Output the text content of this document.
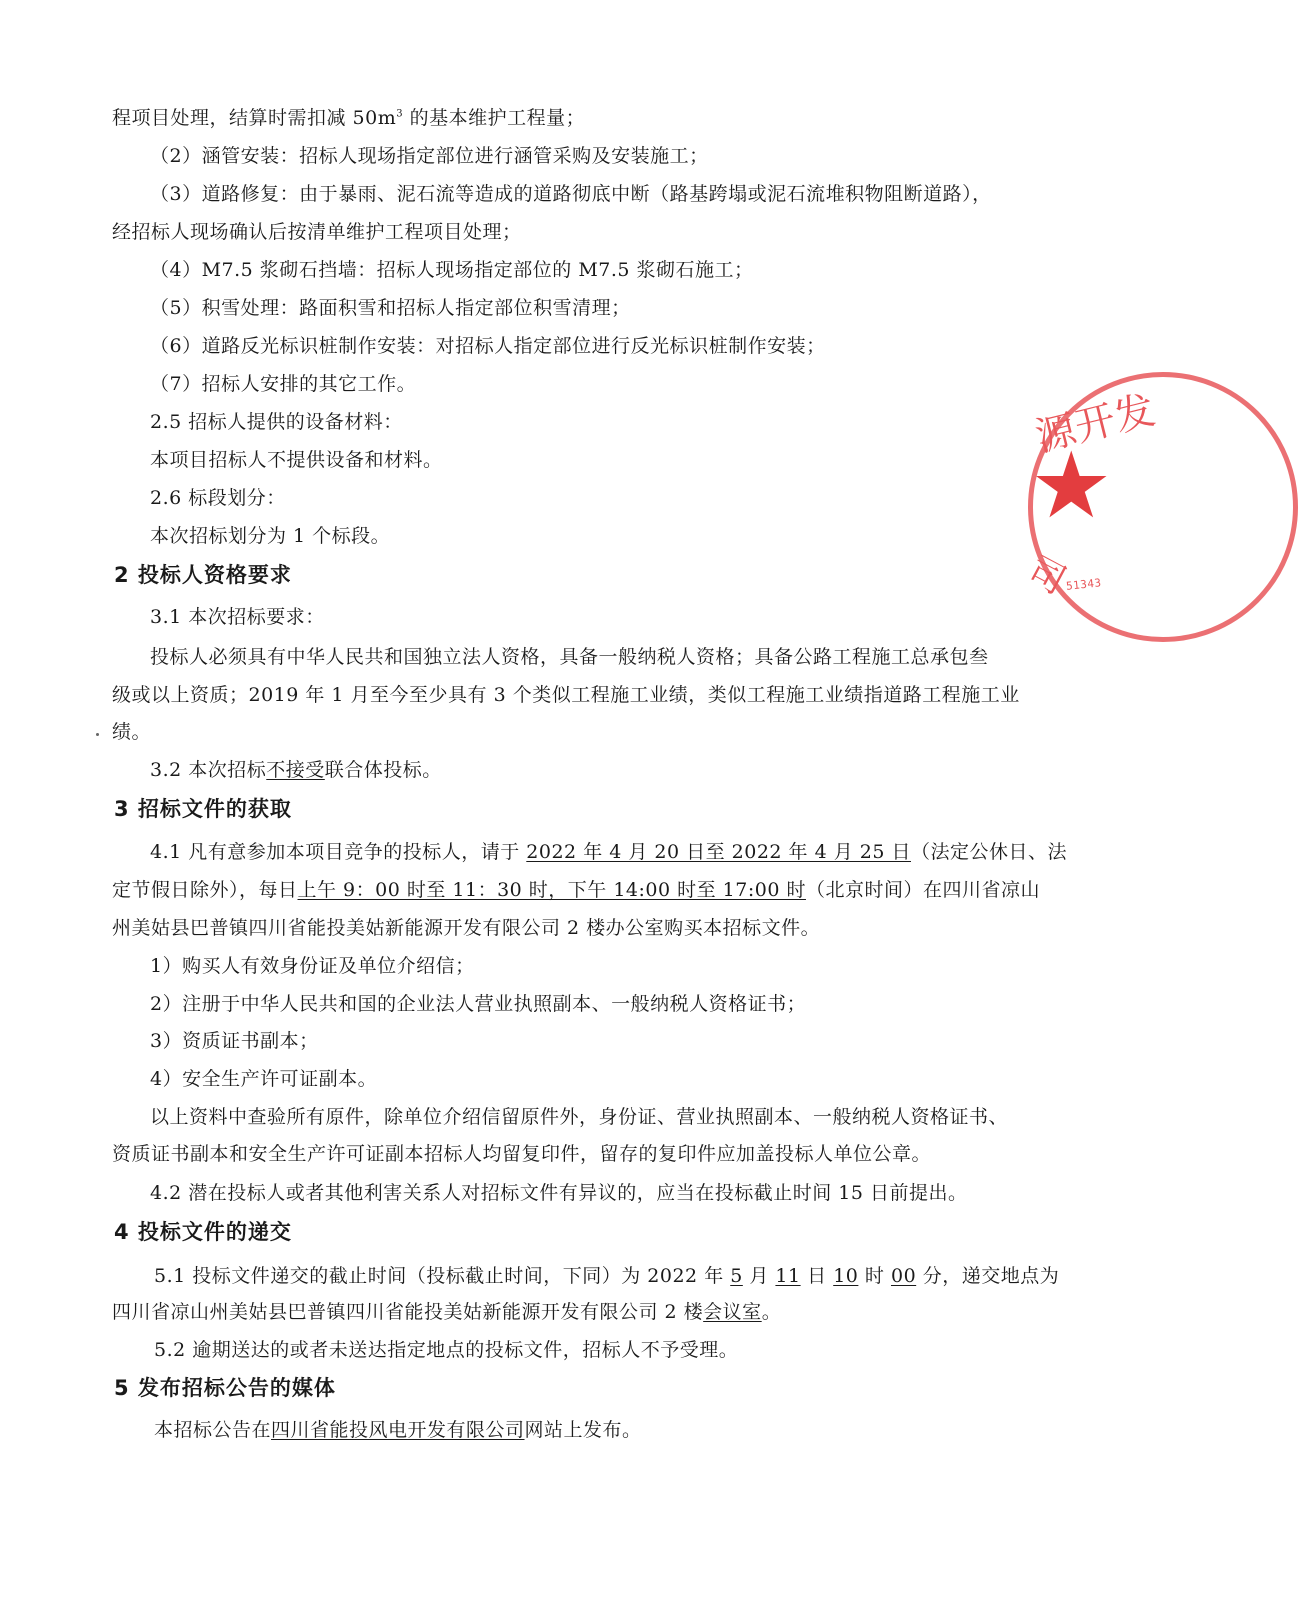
程项目处理，结算时需扣减 $50m^3$ 的基本维护工程量；
（2）涵管安装：招标人现场指定部位进行涵管采购及安装施工；
（3）道路修复：由于暴雨、泥石流等造成的道路彻底中断（路基跨塌或泥石流堆积物阻断道路），
经招标人现场确认后按清单维护工程项目处理；
（4）M7.5 浆砌石挡墙：招标人现场指定部位的 M7.5 浆砌石施工；
（5）积雪处理：路面积雪和招标人指定部位积雪清理；
（6）道路反光标识桩制作安装：对招标人指定部位进行反光标识桩制作安装；
（7）招标人安排的其它工作。
2.5 招标人提供的设备材料：
本项目招标人不提供设备和材料。
2.6 标段划分：
本次招标划分为 1 个标段。
2 投标人资格要求
3.1 本次招标要求：
投标人必须具有中华人民共和国独立法人资格，具备一般纳税人资格；具备公路工程施工总承包叁
级或以上资质；2019 年 1 月至今至少具有 3 个类似工程施工业绩，类似工程施工业绩指道路工程施工业
绩。
3.2 本次招标不接受联合体投标。
3 招标文件的获取
4.1 凡有意参加本项目竞争的投标人，请于 2022 年 4 月 20 日至 2022 年 4 月 25 日（法定公休日、法
定节假日除外），每日上午 9：00 时至 11：30 时，下午 14:00 时至 17:00 时（北京时间）在四川省凉山
州美姑县巴普镇四川省能投美姑新能源开发有限公司 2 楼办公室购买本招标文件。
1）购买人有效身份证及单位介绍信；
2）注册于中华人民共和国的企业法人营业执照副本、一般纳税人资格证书；
3）资质证书副本；
4）安全生产许可证副本。
以上资料中查验所有原件，除单位介绍信留原件外，身份证、营业执照副本、一般纳税人资格证书、
资质证书副本和安全生产许可证副本招标人均留复印件，留存的复印件应加盖投标人单位公章。
4.2 潜在投标人或者其他利害关系人对招标文件有异议的，应当在投标截止时间 15 日前提出。
4 投标文件的递交
5.1 投标文件递交的截止时间（投标截止时间，下同）为 2022 年 5 月 11 日 10 时 00 分，递交地点为
四川省凉山州美姑县巴普镇四川省能投美姑新能源开发有限公司 2 楼会议室。
5.2 逾期送达的或者未送达指定地点的投标文件，招标人不予受理。
5 发布招标公告的媒体
本招标公告在四川省能投风电开发有限公司网站上发布。
源开发
★
司
51343
